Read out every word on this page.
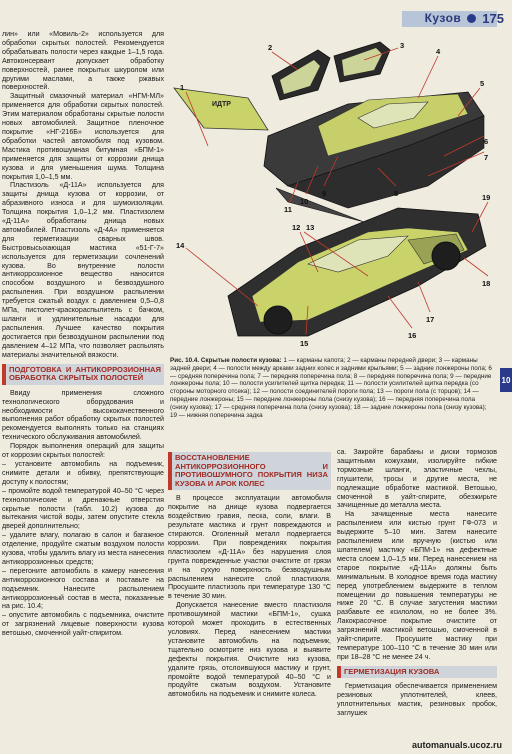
Кузов 175

лин» или «Мовиль-2» используется для обработки скрытых полостей. Рекомендуется обрабатывать полости через каждые 1–1,5 года. Автоконсервант допускает обработку поверхностей, ранее покрытых шкуролом или другими маслами, а также ржавых поверхностей.

Защитный смазочный материал «НГМ-МЛ» применяется для обработки скрытых полостей. Этим материалом обработаны скрытые полости новых автомобилей. Защитное пленочное покрытие «НГ-216Б» используется для обработки частей автомобиля под кузовом. Мастика противошумная битумная «БПМ-1» применяется для защиты от коррозии днища кузова и для уменьшения шума. Толщина покрытия 1,0–1,5 мм.

Пластизоль «Д-11А» используется для защиты днища кузова от коррозии, от абразивного износа и для шумоизоляции. Толщина покрытия 1,0–1,2 мм. Пластизолем «Д-11А» обработаны днища новых автомобилей. Пластизоль «Д-4А» применяется для герметизации сварных швов. Быстровысыхающая мастика «51-Г-7» используется для герметизации сочленений кузова. Во внутренние полости антикоррозионное вещество наносится способом воздушного и безвоздушного распыления. При воздушном распылении требуется сжатый воздух с давлением 0,5–0,8 МПа, пистолет-краскораспылитель с бачком, шланги и удлинительные насадки для распыления. Лучшее качество покрытия достигается при безвоздушном распылении под давлением 4–12 МПа, что позволяет распылять материалы значительной вязкости.

ПОДГОТОВКА И АНТИКОРРОЗИОННАЯ ОБРАБОТКА СКРЫТЫХ ПОЛОСТЕЙ

Ввиду применения сложного технологического оборудования и необходимости высококачественного выполнения работ обработку скрытых полостей рекомендуется выполнять только на станциях технического обслуживания автомобилей.

Порядок выполнения операций для защиты от коррозии скрытых полостей:

– установите автомобиль на подъемник, снимите детали и обивку, препятствующие доступу к полостям;

– промойте водой температурой 40–50 °С через технологические и дренажные отверстия скрытые полости (табл. 10.2) кузова до вытекания чистой воды, затем опустите стекла дверей дополнительно;

– удалите влагу, полагаю в салон и багажное отделение, продуйте сжатым воздухом полости кузова, чтобы удалить влагу из места нанесения антикоррозионных средств;

– перегоните автомобиль в камеру нанесения антикоррозионного состава и поставьте на подъемник. Нанесите распылением антикоррозионный состав в места, показанные на рис. 10.4;

– опустите автомобиль с подъемника, очистите от загрязнений лицевые поверхности кузова ветошью, смоченной уайт-спиритом.

ИДТР
1
2	3
4
5
6
7
8
9
10
11
12 13
14
15
16
17
18
19
Рис. 10.4. Скрытые полости кузова: 1 — карманы капота; 2 — карманы передней двери; 3 — карманы задней двери; 4 — полости между арками задних колес и задними крыльями; 5 — задние лонжероны пола; 6 — средняя поперечина пола; 7 — передняя поперечина пола; 8 — передняя поперечина пола; 9 — передние лонжероны пола; 10 — полости усилителей щитка передка; 11 — полости усилителей щитка передка (со стороны моторного отсека); 12 — полости соединителей пороги пола; 13 — пороги пола (с торцов); 14 — передние лонжероны; 15 — передние лонжероны пола (снизу кузова); 16 — передняя поперечина пола (снизу кузова); 17 — средняя поперечина пола (снизу кузова); 18 — задние лонжероны пола (снизу кузова); 19 — нижняя поперечина задка
10
ВОССТАНОВЛЕНИЕ АНТИКОРРОЗИОННОГО И ПРОТИВОШУМНОГО ПОКРЫТИЯ НИЗА КУЗОВА И АРОК КОЛЕС

В процессе эксплуатации автомобиля покрытие на днище кузова подвергается воздействию гравия, песка, соли, влаги. В результате мастика и грунт повреждаются и стираются. Оголенный металл подвергается коррозии. При повреждениях покрытия пластизолем «Д-11А» без нарушения слоя грунта поврежденные участки очистите от грязи и на сухую поверхность безвоздушным распылением нанесите слой пластизоля. Просушите пластизоль при температуре 130 °С в течение 30 мин.

Допускается нанесение вместо пластизоля противошумной мастики «БПМ-1», сушка которой может проходить в естественных условиях. Перед нанесением мастики установите автомобиль на подъемник, тщательно осмотрите низ кузова и выявите дефекты покрытия. Очистите низ кузова, удалите грязь, отслоившуюся мастику и грунт, промойте водой температурой 40–50 °С и продуйте сжатым воздухом. Установите автомобиль на подъемник и снимите колеса.

са. Закройте барабаны и диски тормозов защитными кожухами, изолируйте гибкие тормозные шланги, эластичные чехлы, глушители, тросы и другие места, не подлежащие обработке мастикой. Ветошью, смоченной в уайт-спирите, обезжирьте зачищенные до металла места.

На зачищенные места нанесите распылением или кистью грунт ГФ-073 и выдержите 5–10 мин. Затем нанесите распылением или вручную (кистью или шпателем) мастику «БПМ-1» на дефектные места слоем 1,0–1,5 мм. Перед нанесением на старое покрытие «Д-11А» должны быть минимальным. В холодное время года мастику перед употреблением выдержите в теплом помещении до повышения температуры не ниже 20 °С. В случае загустения мастики разбавьте ее ксилолом, но не более 3%. Лакокрасочное покрытие очистите от загрязнений мастикой ветошью, смоченной в уайт-спирите. Просушите мастику при температуре 100–110 °С в течение 30 мин или при 18–28 °С не менее 24 ч.

ГЕРМЕТИЗАЦИЯ КУЗОВА

Герметизация обеспечивается применением резиновых уплотнителей, клеев, уплотнительных мастик, резиновых пробок, заглушек

automanuals.ucoz.ru
